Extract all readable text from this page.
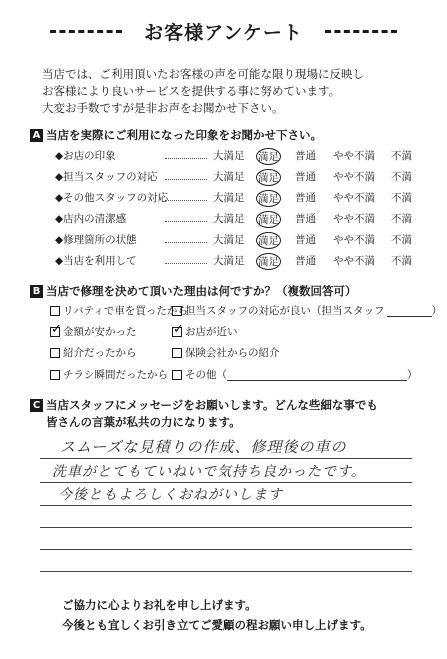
お客様アンケート
当店では、ご利用頂いたお客様の声を可能な限り現場に反映し
お客様により良いサービスを提供する事に努めています。
大変お手数ですが是非お声をお聞かせ下さい。
A 当店を実際にご利用になった印象をお聞かせ下さい。
◆お店の印象	大満足 満足 普通 やや不満 不満
◆担当スタッフの対応	大満足 満足 普通 やや不満 不満
◆その他スタッフの対応	大満足 満足 普通 やや不満 不満
◆店内の清潔感	大満足 満足 普通 やや不満 不満
◆修理箇所の状態	大満足 満足 普通 やや不満 不満
◆当店を利用して	大満足 満足 普通 やや不満 不満
B 当店で修理を決めて頂いた理由は何ですか？（複数回答可）
リバティで車を買ったから
担当スタッフの対応が良い（担当スタッフ	）
✓
金額が安かった
✓	お店が近い
紹介だったから	保険会社からの紹介
チラシ瞬間だったから その他（	）
C 当店スタッフにメッセージをお願いします。どんな些細な事でも
皆さんの言葉が私共の力になります。
スムーズな見積りの作成、修理後の車の
洗車がとてもていねいで気持ち良かったです。
今後ともよろしくおねがいします
ご協力に心よりお礼を申し上げます。
今後とも宜しくお引き立てご愛顧の程お願い申し上げます。
